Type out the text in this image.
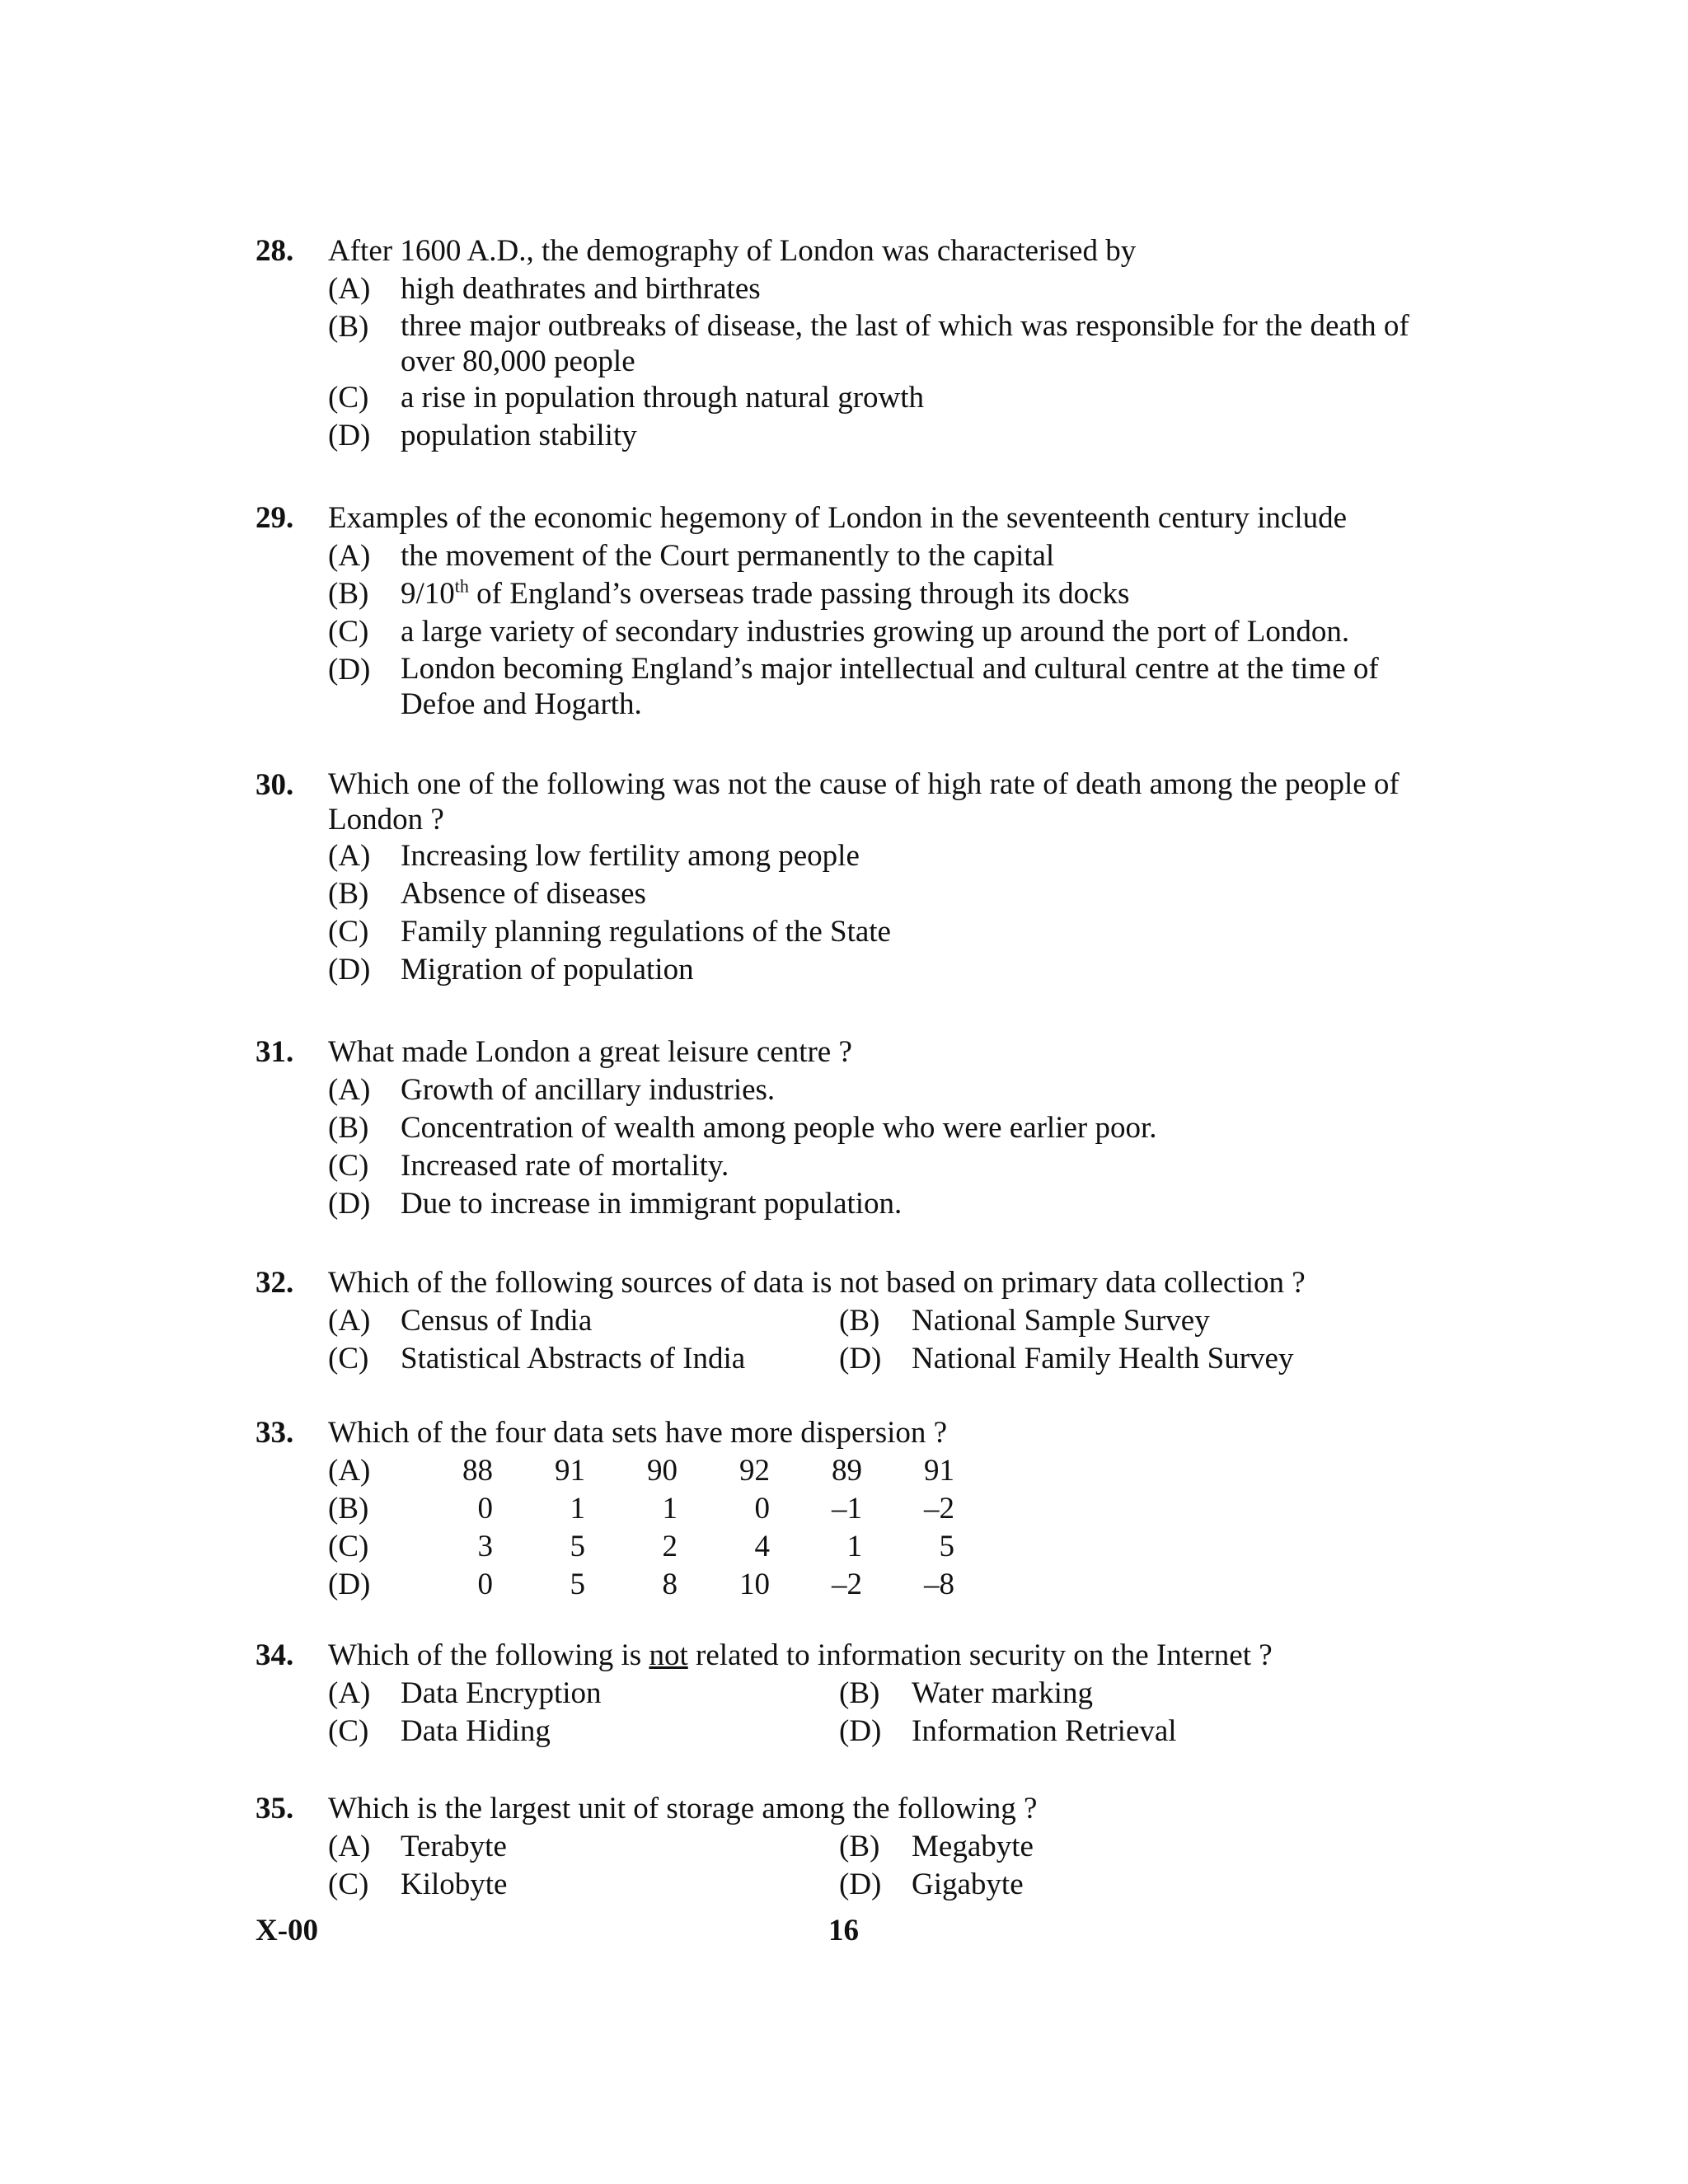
28. After 1600 A.D., the demography of London was characterised by
(A) high deathrates and birthrates
(B)	three major outbreaks of disease, the last of which was responsible for the death of over 80,000 people
(C)	a rise in population through natural growth
(D) population stability
29. Examples of the economic hegemony of London in the seventeenth century include
(A) the movement of the Court permanently to the capital
(B)	9/10th of England’s overseas trade passing through its docks
(C)	a large variety of secondary industries growing up around the port of London.
(D) London becoming England’s major intellectual and cultural centre at the time of Defoe and Hogarth.
30. Which one of the following was not the cause of high rate of death among the people of London ?
(A) Increasing low fertility among people
(B)	Absence of diseases
(C)	Family planning regulations of the State
(D) Migration of population
31. What made London a great leisure centre ?
(A) Growth of ancillary industries.
(B)	Concentration of wealth among people who were earlier poor.
(C)	Increased rate of mortality.
(D) Due to increase in immigrant population.
32. Which of the following sources of data is not based on primary data collection ?
(A) Census of India	(B)	National Sample Survey
(C)	Statistical Abstracts of India	(D) National Family Health Survey
33. Which of the four data sets have more dispersion ?
(A)	88	91	90	92	89	91
(B)	0	1	1	0	–1	–2
(C)	3	5	2	4	1	5
(D)	0	5	8	10	–2	–8
34. Which of the following is not related to information security on the Internet ?
(A) Data Encryption	(B)	Water marking
(C)	Data Hiding	(D) Information Retrieval
35. Which is the largest unit of storage among the following ?
(A) Terabyte	(B)	Megabyte
(C)	Kilobyte	(D) Gigabyte
X-00	16
